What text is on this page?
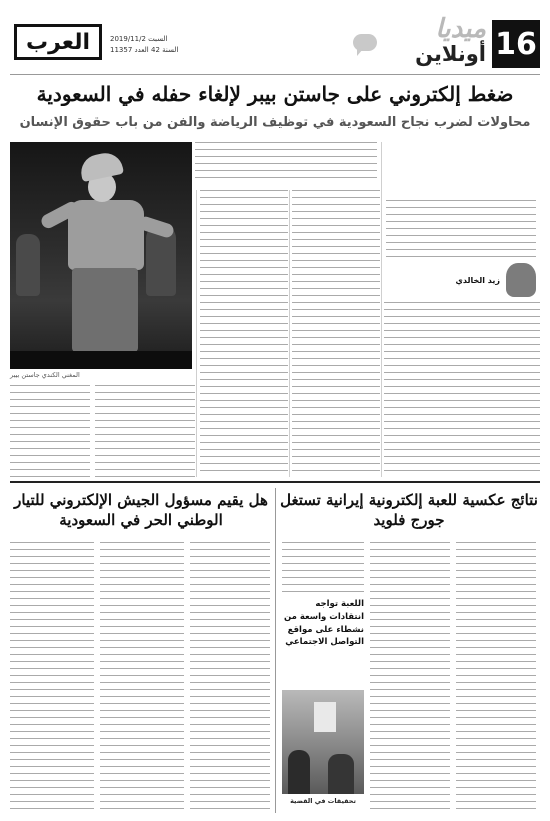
16
ميديا
أونلاين
السبت 2019/11/2
السنة 42 العدد 11357
العرب
ضغط إلكتروني على جاستن بيبر لإلغاء حفله في السعودية
محاولات لضرب نجاح السعودية في توظيف الرياضة والفن من باب حقوق الإنسان
المغني الكندي جاستن بيبر
زيد الخالدي
نتائج عكسية للعبة إلكترونية إيرانية تستغل جورج فلويد
هل يقيم مسؤول الجيش الإلكتروني للتيار الوطني الحر في السعودية
اللعبة تواجه انتقادات واسعة من نشطاء على مواقع التواصل الاجتماعي
تحقيقات في القضية
